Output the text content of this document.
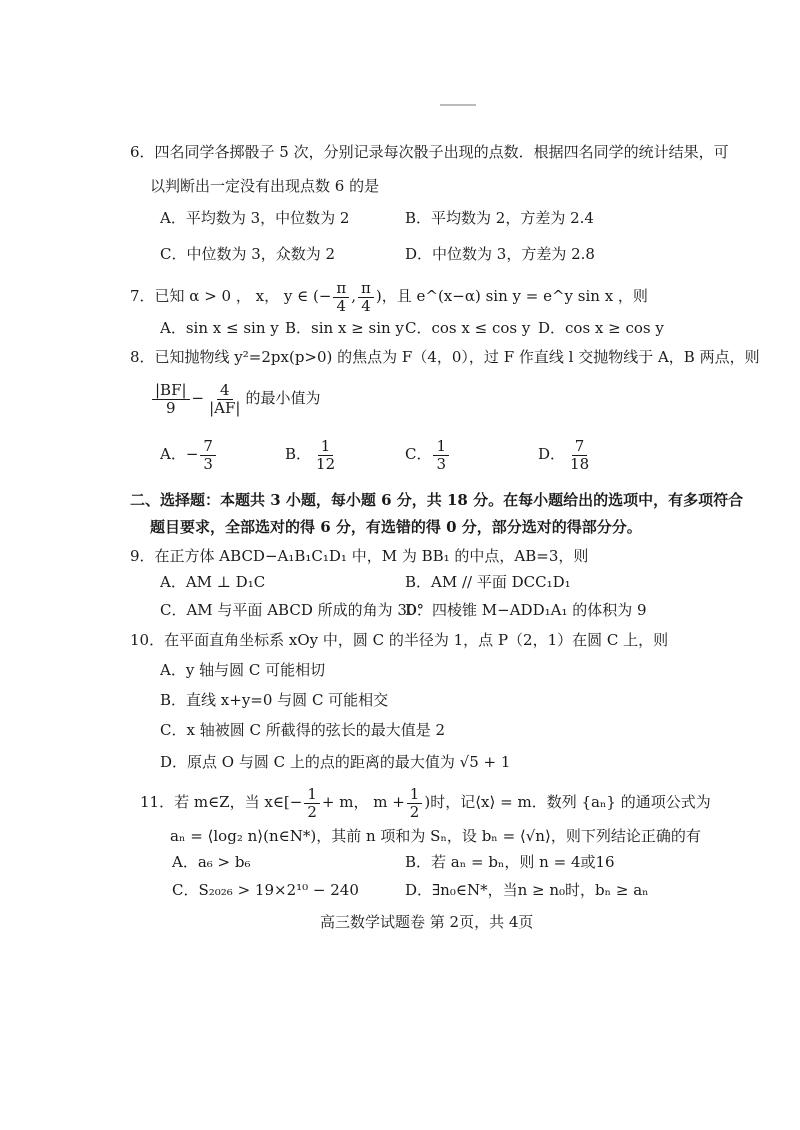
6．四名同学各掷骰子 5 次，分别记录每次骰子出现的点数．根据四名同学的统计结果，可
以判断出一定没有出现点数 6 的是
A．平均数为 3，中位数为 2	B．平均数为 2，方差为 2.4
C．中位数为 3，众数为 2	D．中位数为 3，方差为 2.8
7．已知 α > 0 ， x， y ∈ (− $\frac{\pi}{4}$ , $\frac{\pi}{4}$ )，且 e^(x−α) sin y = e^y sin x ，则
A．sin x ≤ sin y B．sin x ≥ sin y C．cos x ≤ cos y D．cos x ≥ cos y
8．已知抛物线 y²=2px(p>0) 的焦点为 F（4，0），过 F 作直线 l 交抛物线于 A，B 两点，则
$\frac{|BF|}{9} - \frac{4}{|AF|}$ 的最小值为
A．− $\frac{7}{3}$	B． $\frac{1}{12}$	C． $\frac{1}{3}$	D． $\frac{7}{18}$
二、选择题：本题共 3 小题，每小题 6 分，共 18 分。在每小题给出的选项中，有多项符合
题目要求，全部选对的得 6 分，有选错的得 0 分，部分选对的得部分分。
9．在正方体 ABCD−A₁B₁C₁D₁ 中，M 为 BB₁ 的中点，AB=3，则
A．AM ⊥ D₁C	B．AM // 平面 DCC₁D₁
C．AM 与平面 ABCD 所成的角为 30°
D．四棱锥 M−ADD₁A₁ 的体积为 9
10．在平面直角坐标系 xOy 中，圆 C 的半径为 1，点 P（2，1）在圆 C 上，则
A．y 轴与圆 C 可能相切
B．直线 x+y=0 与圆 C 可能相交
C．x 轴被圆 C 所截得的弦长的最大值是 2
D．原点 O 与圆 C 上的点的距离的最大值为 √5 + 1
11．若 m∈Z，当 x∈[− $\frac{1}{2} + m$， $m + \frac{1}{2}$ )时，记⟨x⟩ = m．数列 {aₙ} 的通项公式为
aₙ = ⟨log₂ n⟩(n∈N*)，其前 n 项和为 Sₙ，设 bₙ = ⟨√n⟩，则下列结论正确的有
A．a₆ > b₆	B．若 aₙ = bₙ，则 n = 4或16
C．S₂₀₂₆ > 19×2¹⁰ − 240	D．∃n₀∈N*，当n ≥ n₀时，bₙ ≥ aₙ
高三数学试题卷 第 2页，共 4页
